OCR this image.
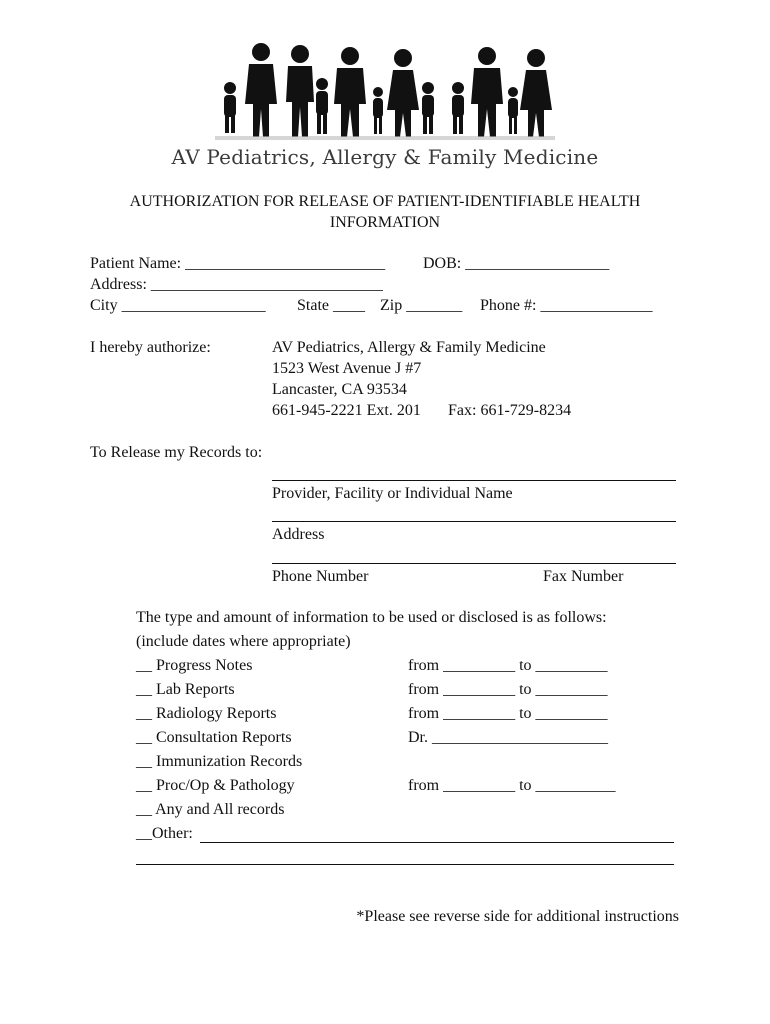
AV Pediatrics, Allergy & Family Medicine
AUTHORIZATION FOR RELEASE OF PATIENT-IDENTIFIABLE HEALTH
INFORMATION
Patient Name: _________________________ DOB: __________________
Address: _____________________________
City __________________ State ____ Zip _______ Phone #: ______________
I hereby authorize:	AV Pediatrics, Allergy & Family Medicine
1523 West Avenue J #7
Lancaster, CA 93534
661-945-2221 Ext. 201 Fax: 661-729-8234
To Release my Records to:
Provider, Facility or Individual Name
Address
Phone Number	Fax Number
The type and amount of information to be used or disclosed is as follows:
(include dates where appropriate)
__ Progress Notes	from _________ to _________
__ Lab Reports	from _________ to _________
__ Radiology Reports	from _________ to _________
__ Consultation Reports	Dr. ______________________
__ Immunization Records
__ Proc/Op & Pathology	from _________ to __________
__ Any and All records
__Other:
*Please see reverse side for additional instructions
